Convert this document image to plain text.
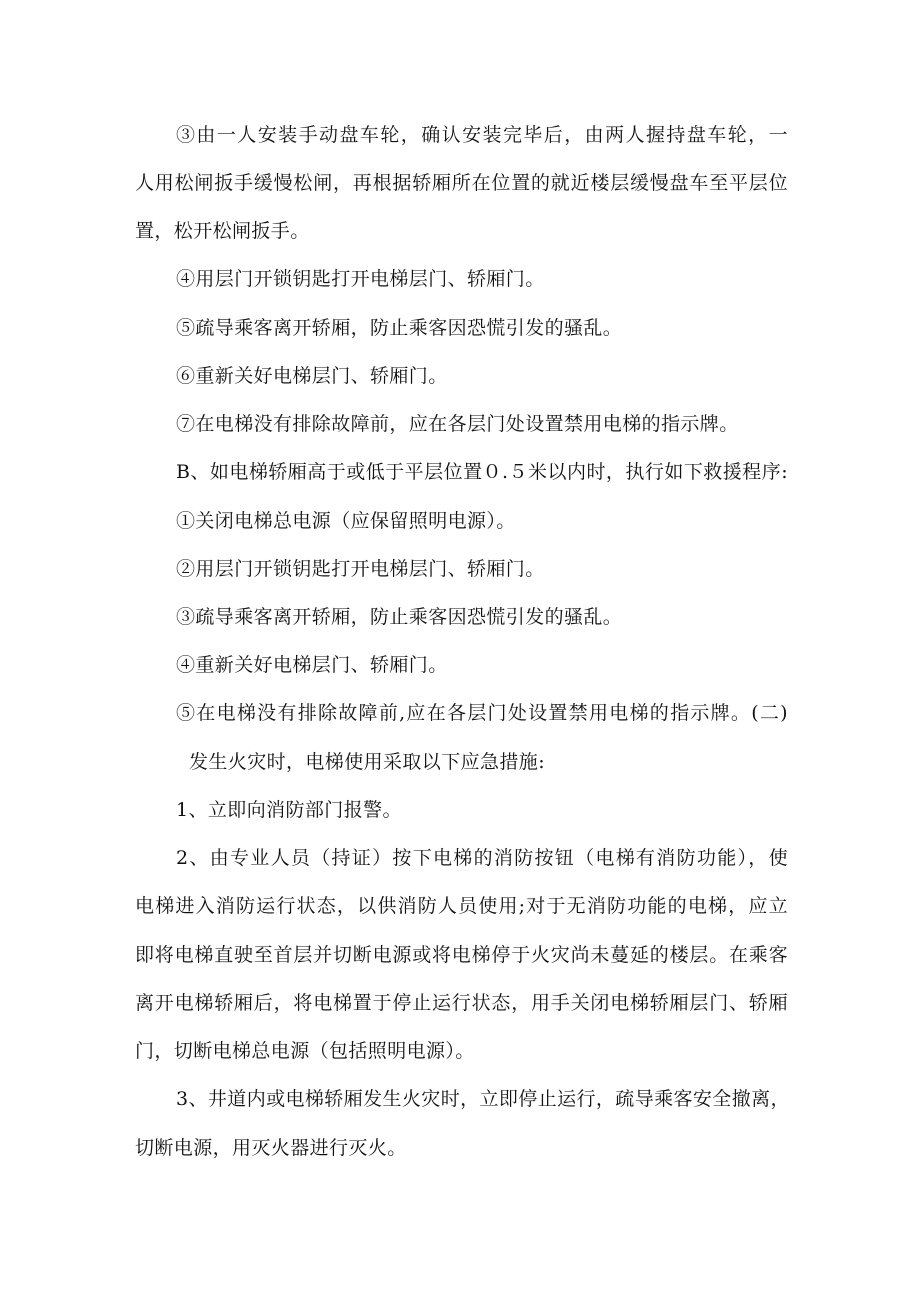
③由一人安装手动盘车轮，确认安装完毕后，由两人握持盘车轮，一
人用松闸扳手缓慢松闸，再根据轿厢所在位置的就近楼层缓慢盘车至平层位
置，松开松闸扳手。
④用层门开锁钥匙打开电梯层门、轿厢门。
⑤疏导乘客离开轿厢，防止乘客因恐慌引发的骚乱。
⑥重新关好电梯层门、轿厢门。
⑦在电梯没有排除故障前，应在各层门处设置禁用电梯的指示牌。
B、如电梯轿厢高于或低于平层位置０.５米以内时，执行如下救援程序:
①关闭电梯总电源（应保留照明电源）。
②用层门开锁钥匙打开电梯层门、轿厢门。
③疏导乘客离开轿厢，防止乘客因恐慌引发的骚乱。
④重新关好电梯层门、轿厢门。
⑤在电梯没有排除故障前,应在各层门处设置禁用电梯的指示牌。(二)
发生火灾时，电梯使用采取以下应急措施:
1、立即向消防部门报警。
2、由专业人员（持证）按下电梯的消防按钮（电梯有消防功能），使
电梯进入消防运行状态，以供消防人员使用;对于无消防功能的电梯，应立
即将电梯直驶至首层并切断电源或将电梯停于火灾尚未蔓延的楼层。在乘客
离开电梯轿厢后，将电梯置于停止运行状态，用手关闭电梯轿厢层门、轿厢
门，切断电梯总电源（包括照明电源）。
3、井道内或电梯轿厢发生火灾时，立即停止运行，疏导乘客安全撤离，
切断电源，用灭火器进行灭火。
